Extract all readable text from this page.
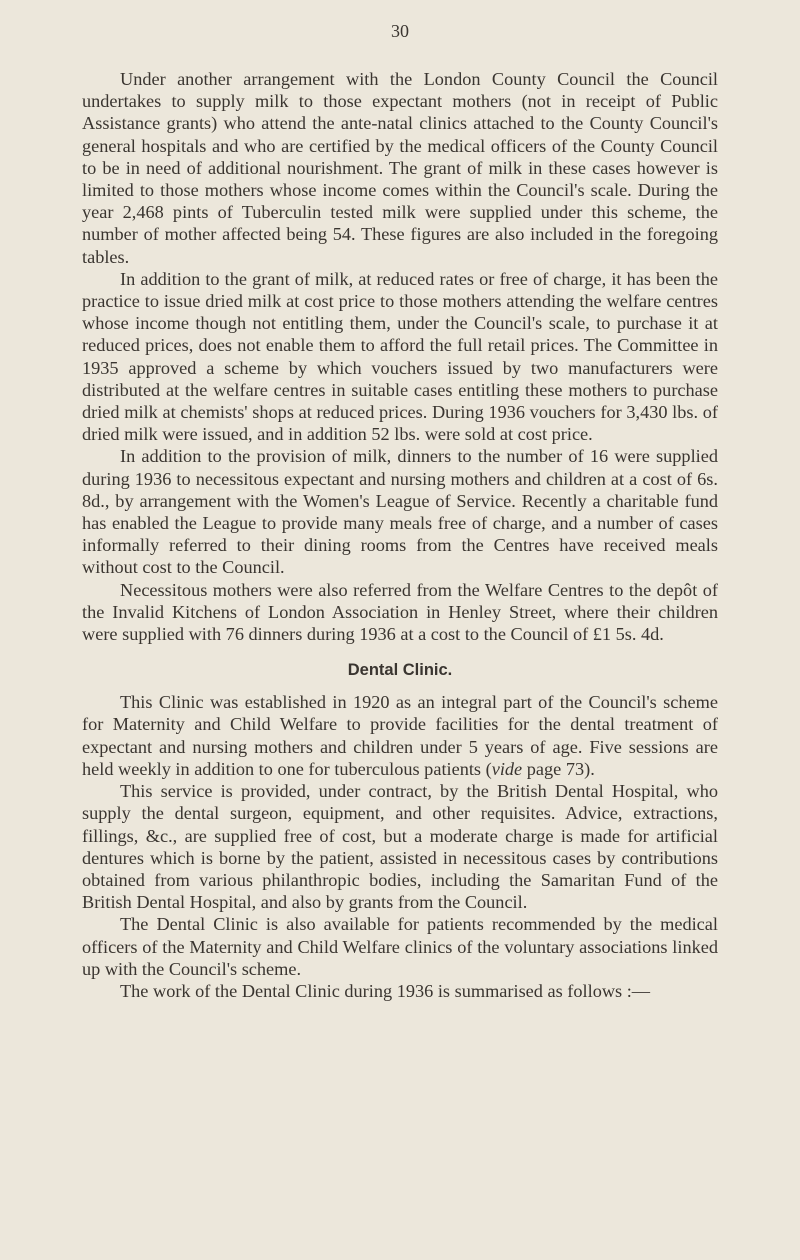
30

Under another arrangement with the London County Council the Council undertakes to supply milk to those expectant mothers (not in receipt of Public Assistance grants) who attend the ante-natal clinics attached to the County Council's general hospitals and who are certified by the medical officers of the County Council to be in need of additional nourishment. The grant of milk in these cases however is limited to those mothers whose income comes within the Council's scale. During the year 2,468 pints of Tuberculin tested milk were supplied under this scheme, the number of mother affected being 54. These figures are also included in the foregoing tables.

In addition to the grant of milk, at reduced rates or free of charge, it has been the practice to issue dried milk at cost price to those mothers attending the welfare centres whose income though not entitling them, under the Council's scale, to purchase it at reduced prices, does not enable them to afford the full retail prices. The Committee in 1935 approved a scheme by which vouchers issued by two manufacturers were distributed at the welfare centres in suitable cases entitling these mothers to purchase dried milk at chemists' shops at reduced prices. During 1936 vouchers for 3,430 lbs. of dried milk were issued, and in addition 52 lbs. were sold at cost price.

In addition to the provision of milk, dinners to the number of 16 were supplied during 1936 to necessitous expectant and nursing mothers and children at a cost of 6s. 8d., by arrangement with the Women's League of Service. Recently a charitable fund has enabled the League to provide many meals free of charge, and a number of cases informally referred to their dining rooms from the Centres have received meals without cost to the Council.

Necessitous mothers were also referred from the Welfare Centres to the depôt of the Invalid Kitchens of London Association in Henley Street, where their children were supplied with 76 dinners during 1936 at a cost to the Council of £1 5s. 4d.

Dental Clinic.

This Clinic was established in 1920 as an integral part of the Council's scheme for Maternity and Child Welfare to provide facilities for the dental treatment of expectant and nursing mothers and children under 5 years of age. Five sessions are held weekly in addition to one for tuberculous patients (vide page 73).

This service is provided, under contract, by the British Dental Hospital, who supply the dental surgeon, equipment, and other requisites. Advice, extractions, fillings, &c., are supplied free of cost, but a moderate charge is made for artificial dentures which is borne by the patient, assisted in necessitous cases by contributions obtained from various philanthropic bodies, including the Samaritan Fund of the British Dental Hospital, and also by grants from the Council.

The Dental Clinic is also available for patients recommended by the medical officers of the Maternity and Child Welfare clinics of the voluntary associations linked up with the Council's scheme.

The work of the Dental Clinic during 1936 is summarised as follows :—
